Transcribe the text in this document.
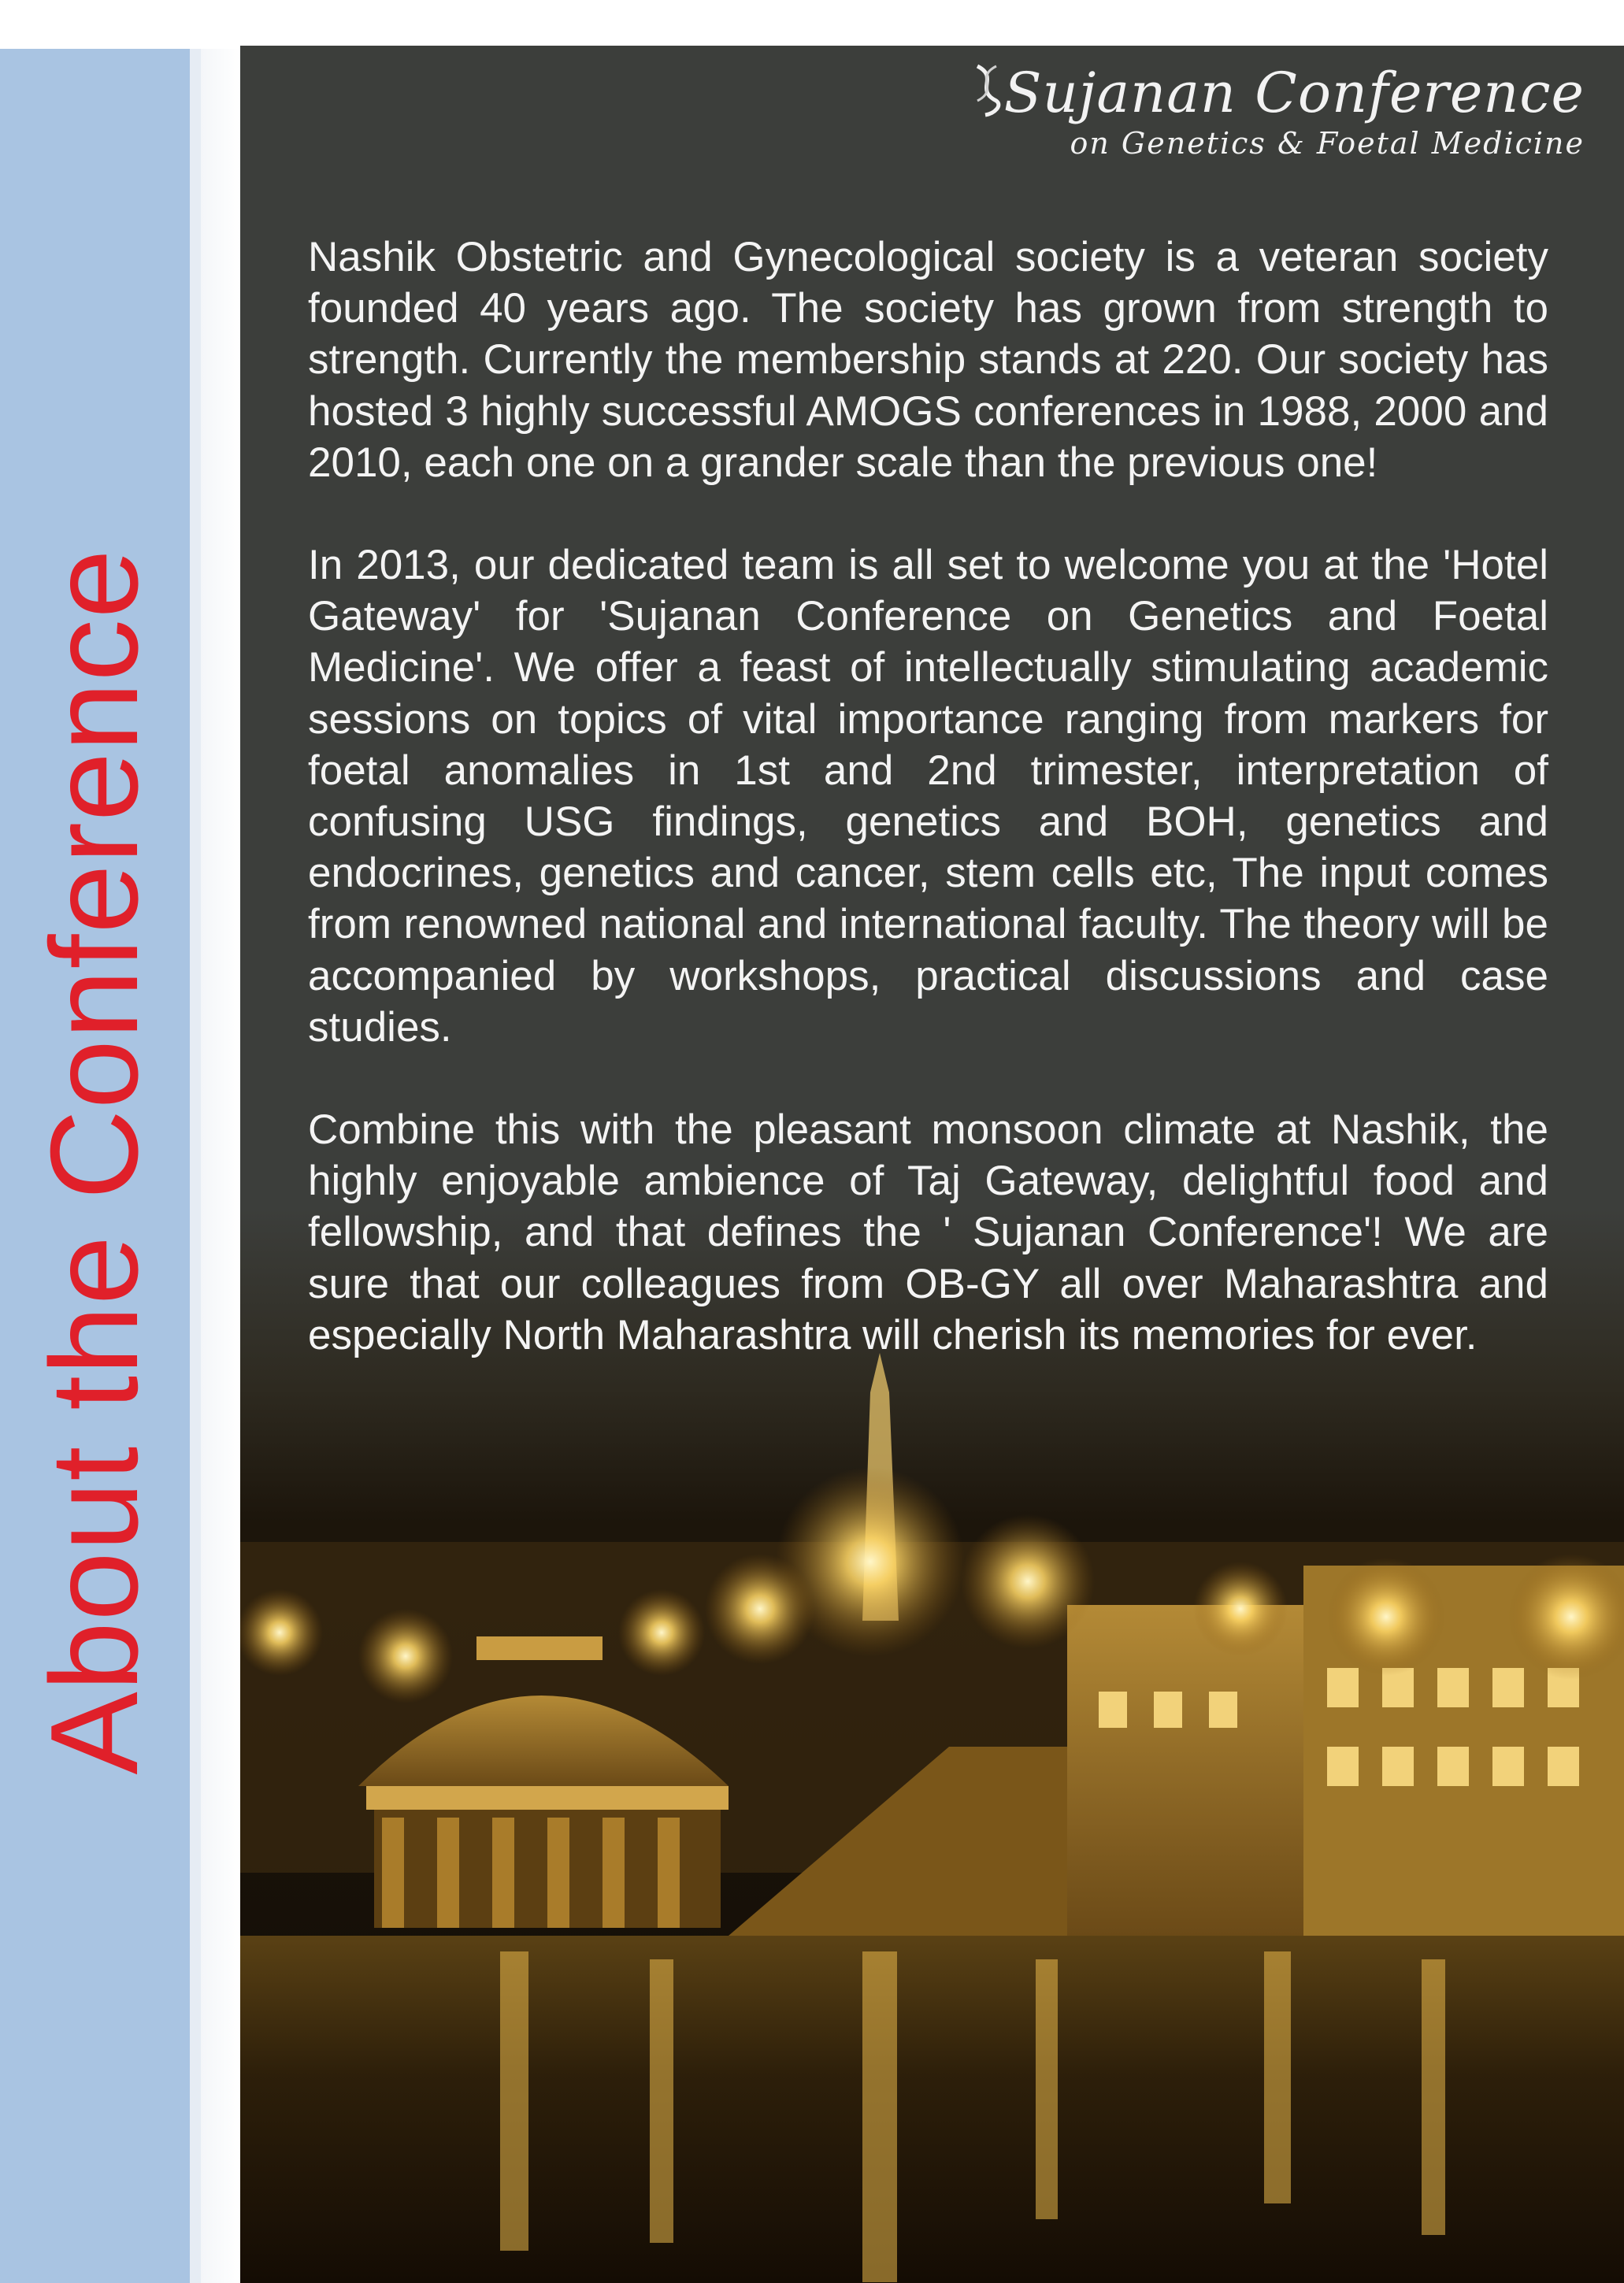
About the Conference
Sujanan Conference
on Genetics & Foetal Medicine

Nashik Obstetric and Gynecological society is a veteran society founded 40 years ago. The society has grown from strength to strength. Currently the membership stands at 220. Our society has hosted 3 highly successful AMOGS conferences in 1988, 2000 and 2010, each one on a grander scale than the previous one!

In 2013, our dedicated team is all set to welcome you at the 'Hotel Gateway' for 'Sujanan Conference on Genetics and Foetal Medicine'. We offer a feast of intellectually stimulating academic sessions on topics of vital importance ranging from markers for foetal anomalies in 1st and 2nd trimester, interpretation of confusing USG findings, genetics and BOH, genetics and endocrines, genetics and cancer, stem cells etc, The input comes from renowned national and international faculty. The theory will be accompanied by workshops, practical discussions and case studies.

Combine this with the pleasant monsoon climate at Nashik, the highly enjoyable ambience of Taj Gateway, delightful food and fellowship, and that defines the ' Sujanan Conference'! We are sure that our colleagues from OB-GY all over Maharashtra and especially North Maharashtra will cherish its memories for ever.
